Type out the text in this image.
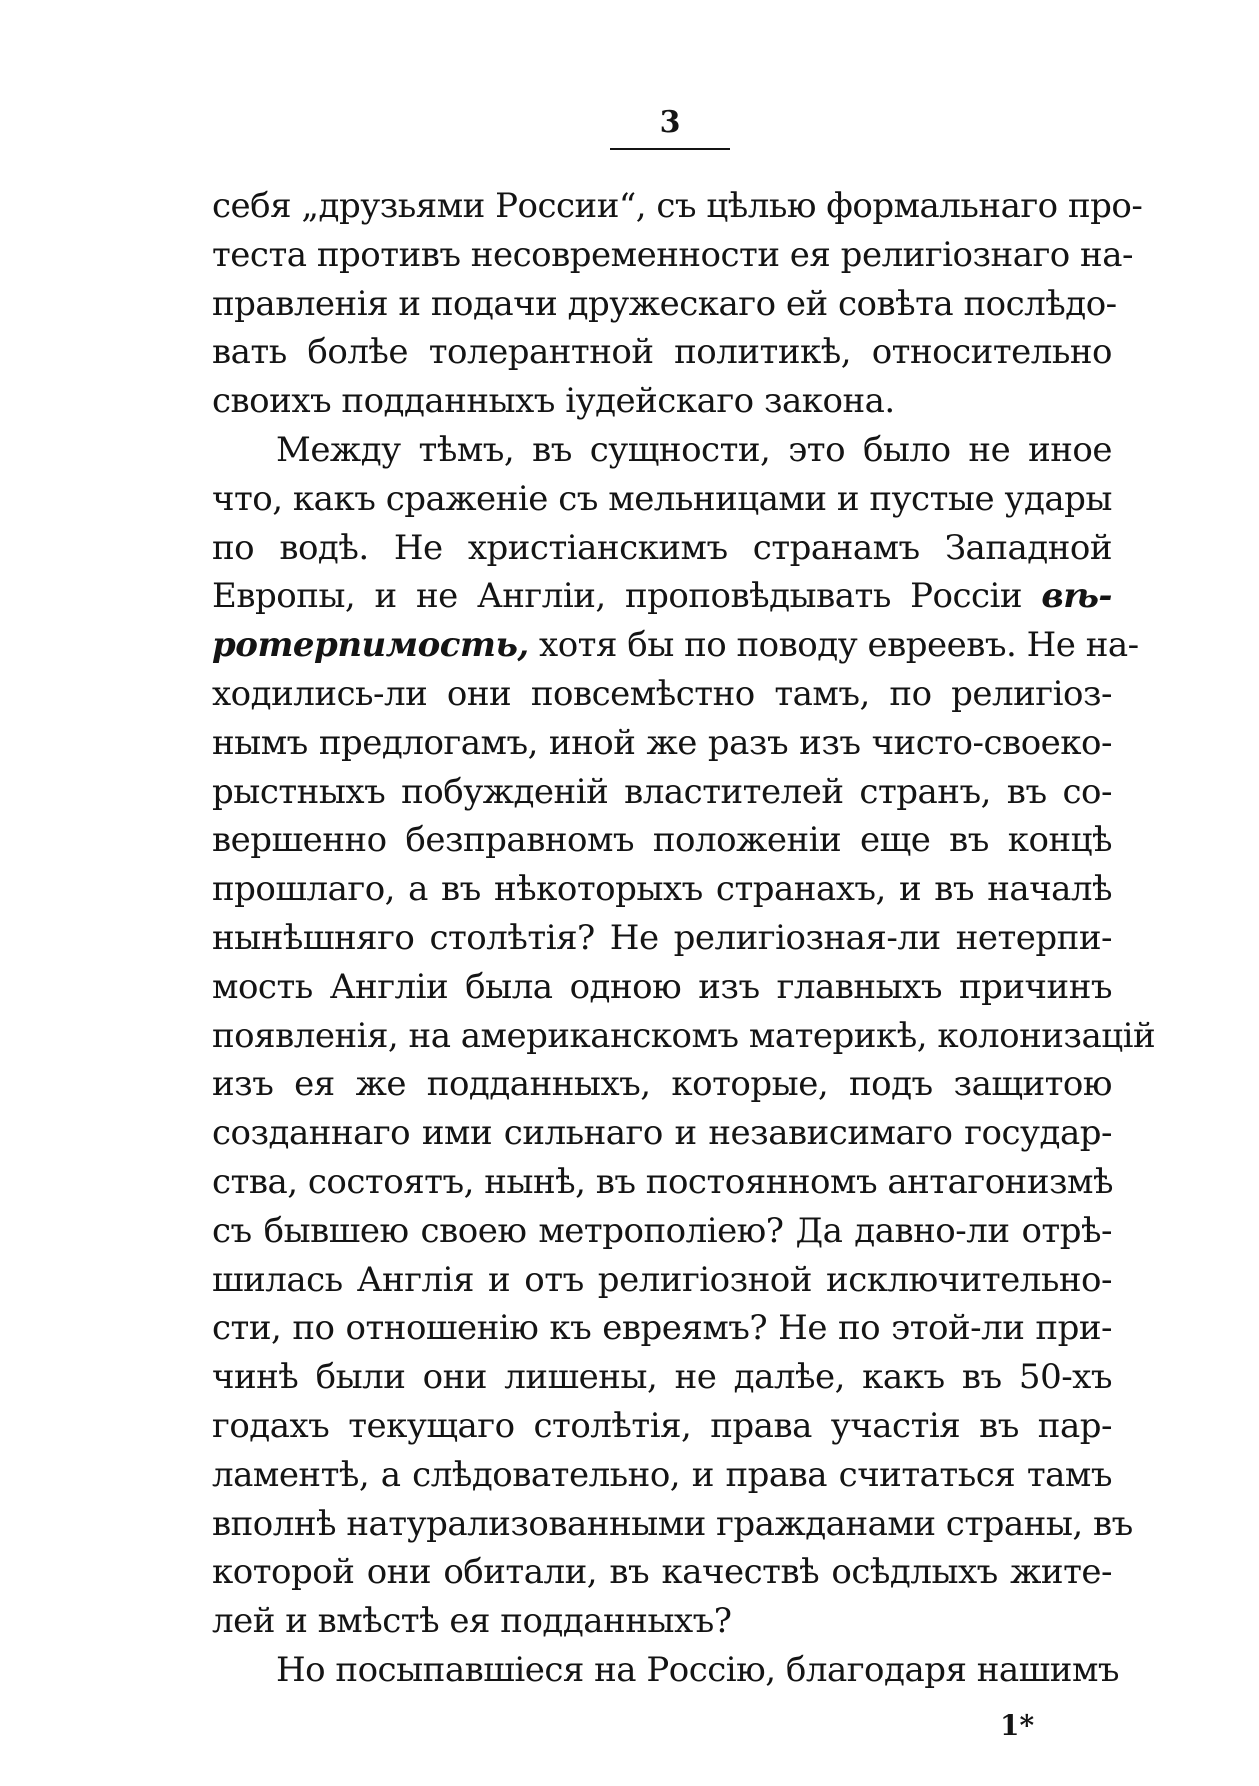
3
себя „друзьями России“, съ цѣлью формальнаго про-
теста противъ несовременности ея религіознаго на-
правленія и подачи дружескаго ей совѣта послѣдо-
вать болѣе толерантной политикѣ, относительно
своихъ подданныхъ іудейскаго закона.
Между тѣмъ, въ сущности, это было не иное
что, какъ сраженіе съ мельницами и пустые удары
по водѣ. Не христіанскимъ странамъ Западной
Европы, и не Англіи, проповѣдывать Россіи вѣ-
ротерпимость, хотя бы по поводу евреевъ. Не на-
ходились-ли они повсемѣстно тамъ, по религіоз-
нымъ предлогамъ, иной же разъ изъ чисто-своеко-
рыстныхъ побужденій властителей странъ, въ со-
вершенно безправномъ положеніи еще въ концѣ
прошлаго, а въ нѣкоторыхъ странахъ, и въ началѣ
нынѣшняго столѣтія? Не религіозная-ли нетерпи-
мость Англіи была одною изъ главныхъ причинъ
появленія, на американскомъ материкѣ, колонизацій
изъ ея же подданныхъ, которые, подъ защитою
созданнаго ими сильнаго и независимаго государ-
ства, состоятъ, нынѣ, въ постоянномъ антагонизмѣ
съ бывшею своею метрополіею? Да давно-ли отрѣ-
шилась Англія и отъ религіозной исключительно-
сти, по отношенію къ евреямъ? Не по этой-ли при-
чинѣ были они лишены, не далѣе, какъ въ 50-хъ
годахъ текущаго столѣтія, права участія въ пар-
ламентѣ, а слѣдовательно, и права считаться тамъ
вполнѣ натурализованными гражданами страны, въ
которой они обитали, въ качествѣ осѣдлыхъ жите-
лей и вмѣстѣ ея подданныхъ?
Но посыпавшіеся на Россію, благодаря нашимъ
1*
